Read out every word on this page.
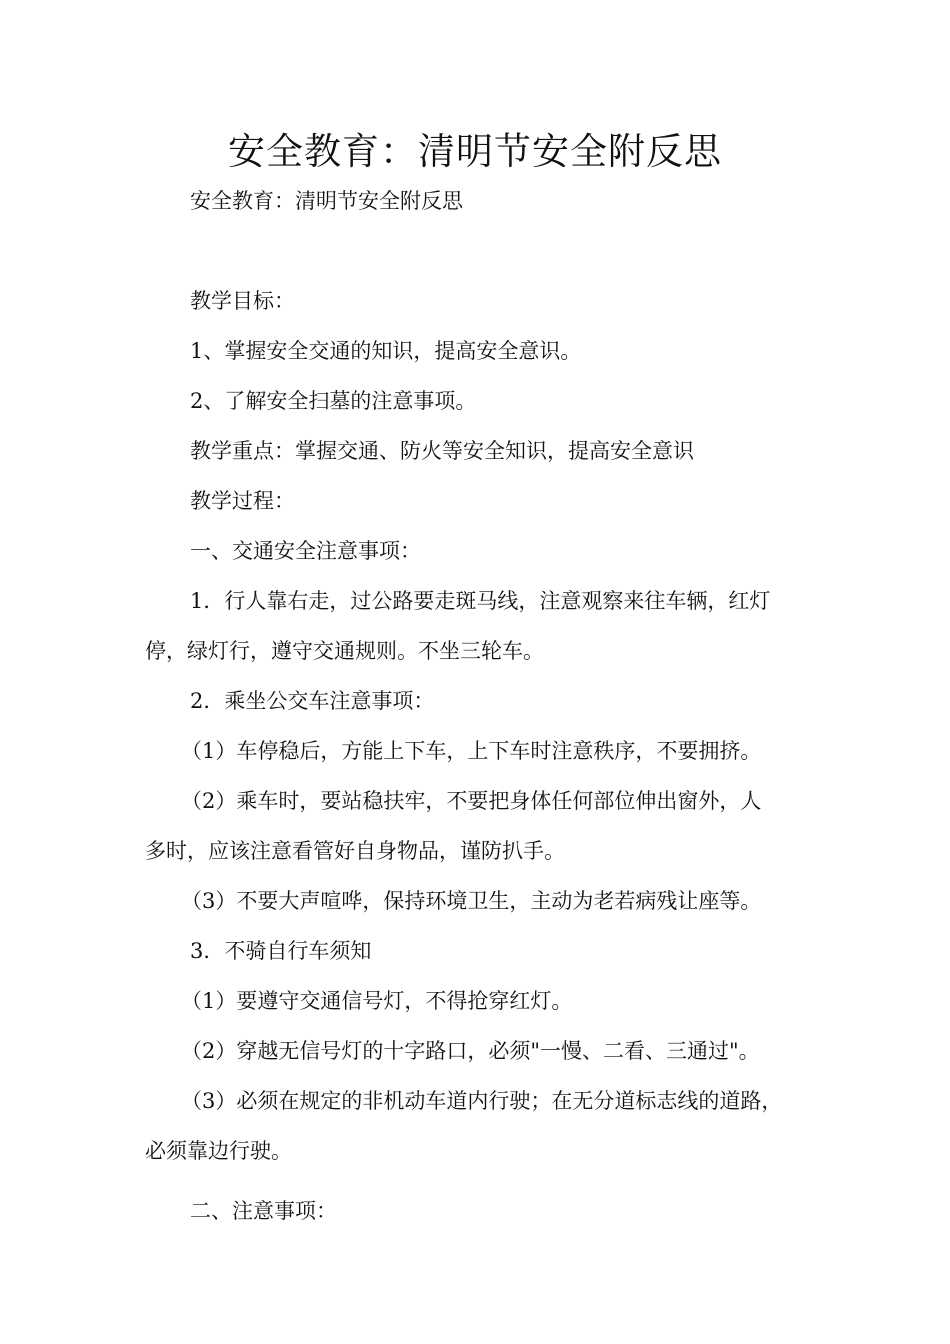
安全教育：清明节安全附反思

安全教育：清明节安全附反思

教学目标：

1、掌握安全交通的知识，提高安全意识。

2、了解安全扫墓的注意事项。

教学重点：掌握交通、防火等安全知识，提高安全意识

教学过程：

一、交通安全注意事项：

1．行人靠右走，过公路要走斑马线，注意观察来往车辆，红灯

停，绿灯行，遵守交通规则。不坐三轮车。

2．乘坐公交车注意事项：

（1）车停稳后，方能上下车，上下车时注意秩序，不要拥挤。

（2）乘车时，要站稳扶牢，不要把身体任何部位伸出窗外，人

多时，应该注意看管好自身物品，谨防扒手。

（3）不要大声喧哗，保持环境卫生，主动为老若病残让座等。

3．不骑自行车须知

（1）要遵守交通信号灯，不得抢穿红灯。

（2）穿越无信号灯的十字路口，必须"一慢、二看、三通过"。

（3）必须在规定的非机动车道内行驶；在无分道标志线的道路，

必须靠边行驶。

二、注意事项：
